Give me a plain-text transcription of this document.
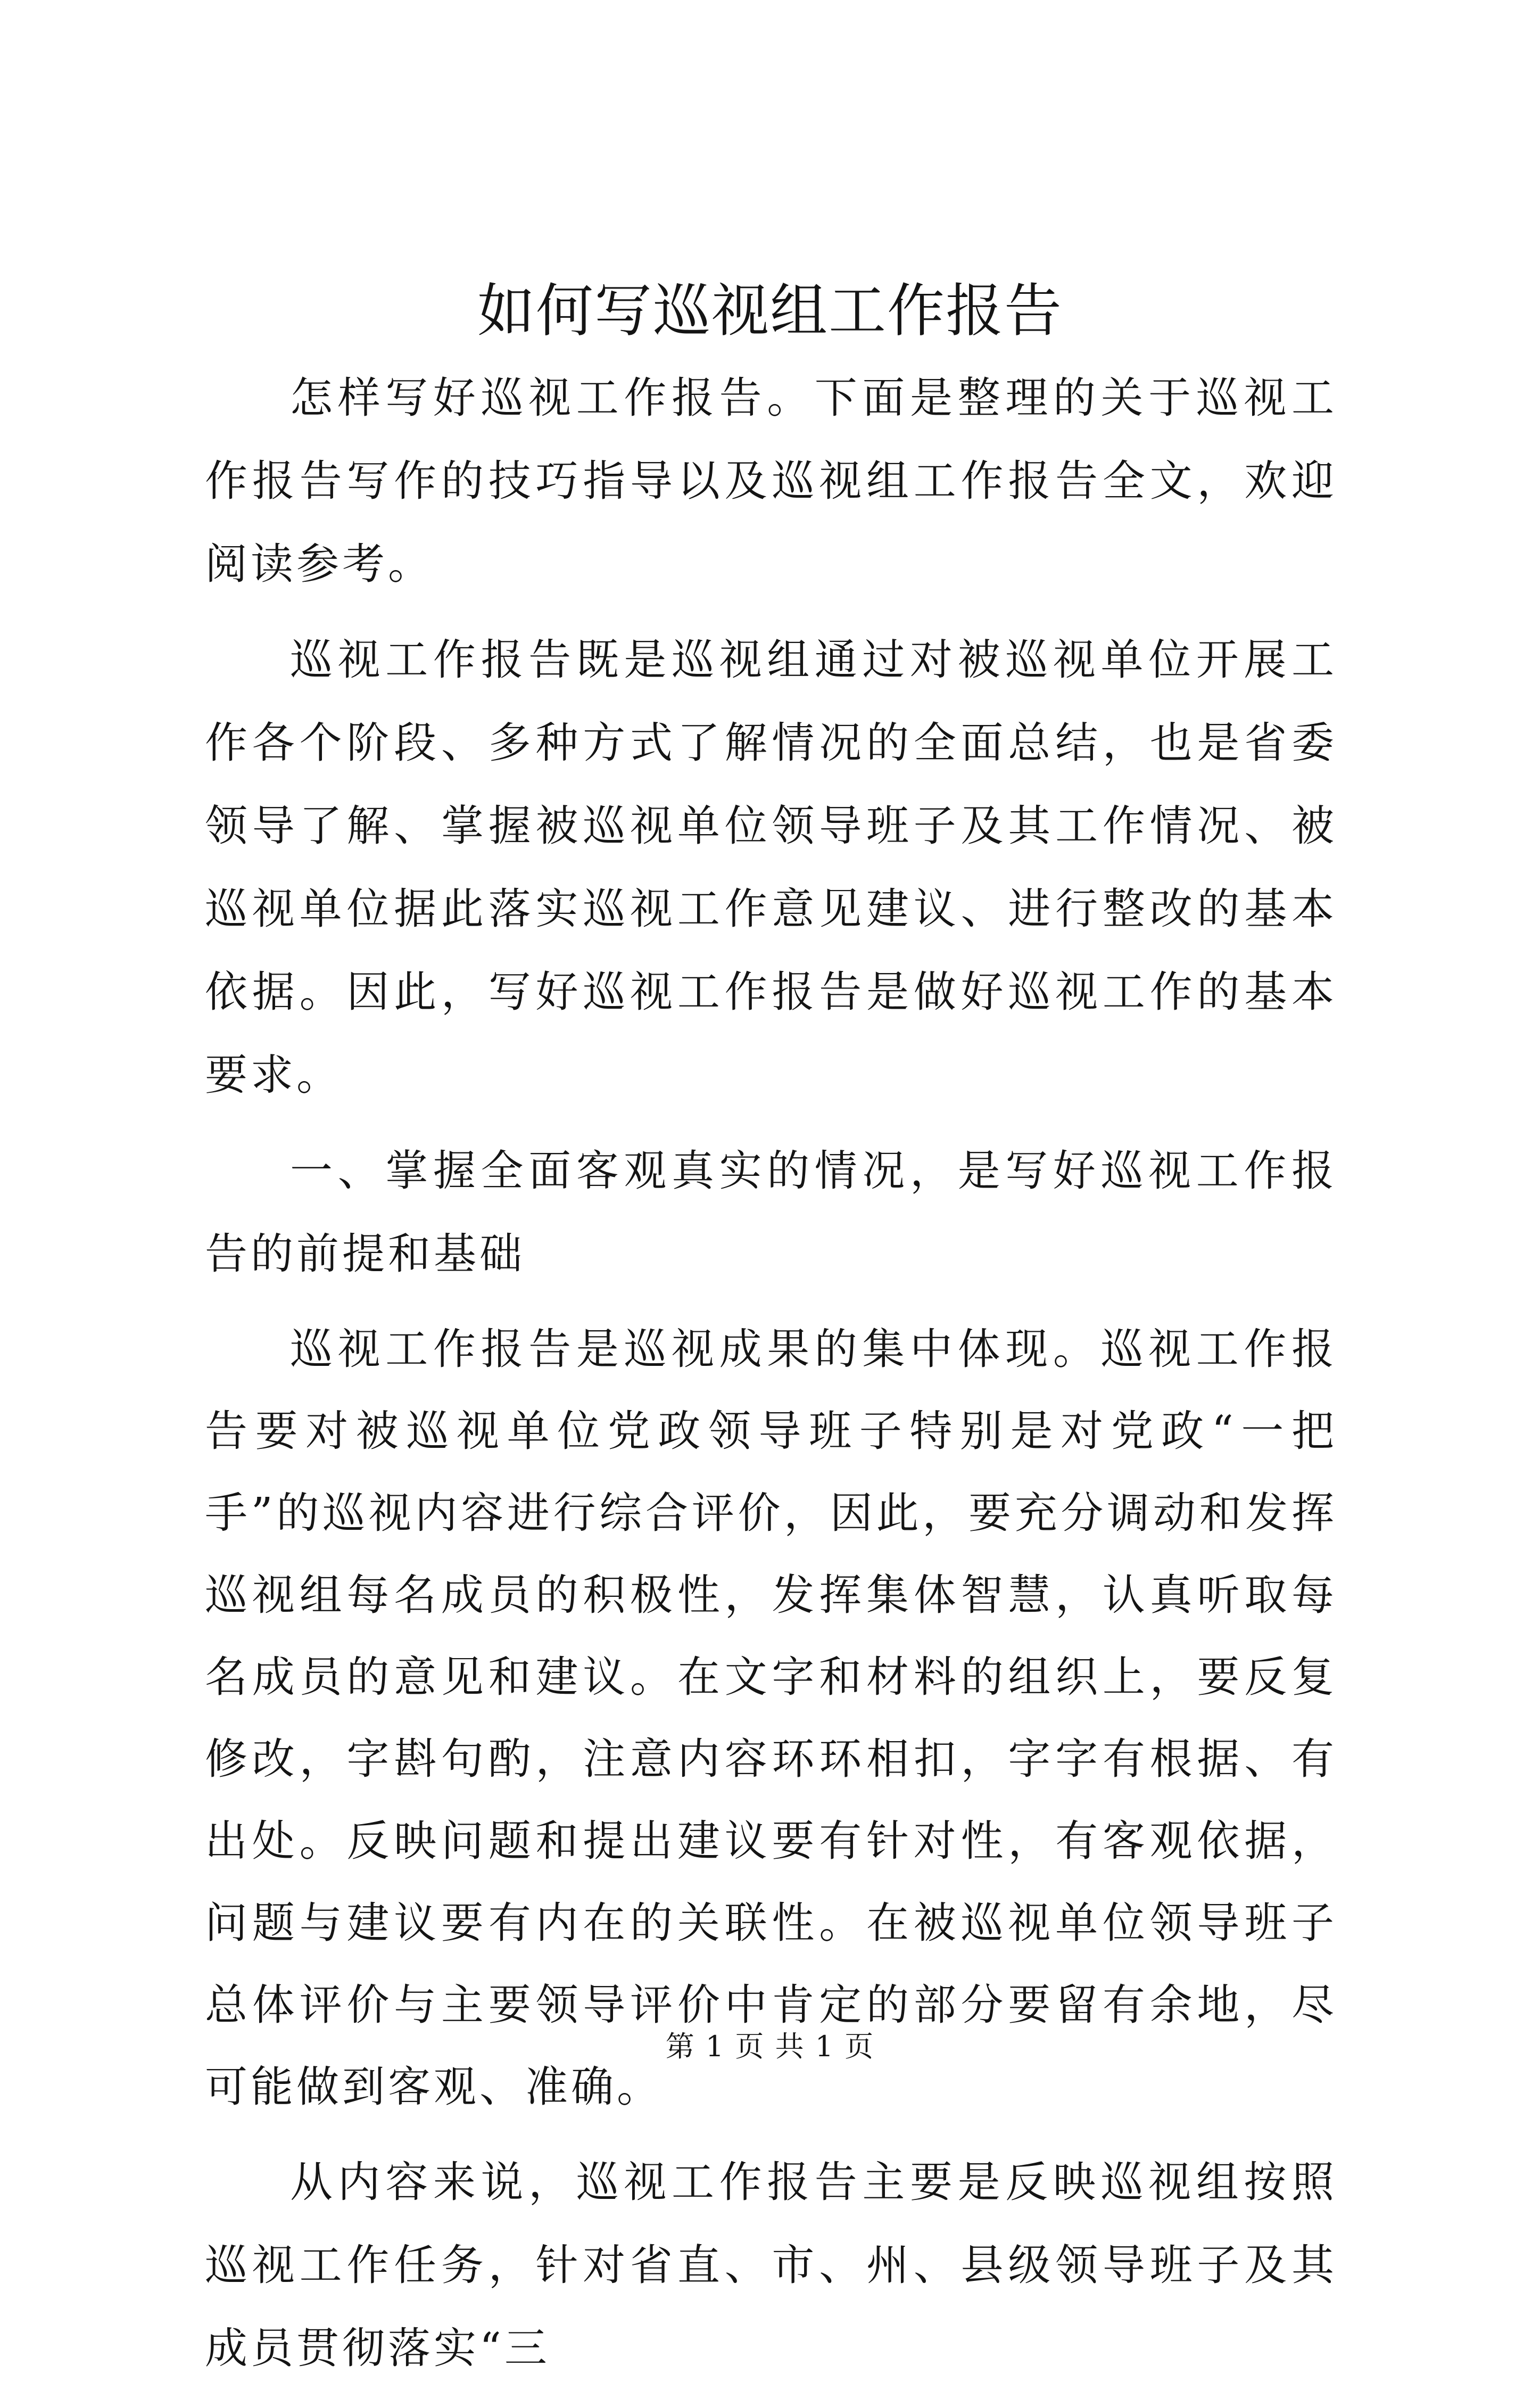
如何写巡视组工作报告

怎样写好巡视工作报告。下面是整理的关于巡视工作报告写作的技巧指导以及巡视组工作报告全文，欢迎阅读参考。

巡视工作报告既是巡视组通过对被巡视单位开展工作各个阶段、多种方式了解情况的全面总结，也是省委领导了解、掌握被巡视单位领导班子及其工作情况、被巡视单位据此落实巡视工作意见建议、进行整改的基本依据。因此，写好巡视工作报告是做好巡视工作的基本要求。

一、掌握全面客观真实的情况，是写好巡视工作报告的前提和基础

巡视工作报告是巡视成果的集中体现。巡视工作报告要对被巡视单位党政领导班子特别是对党政“一把手”的巡视内容进行综合评价，因此，要充分调动和发挥巡视组每名成员的积极性，发挥集体智慧，认真听取每名成员的意见和建议。在文字和材料的组织上，要反复修改，字斟句酌，注意内容环环相扣，字字有根据、有出处。反映问题和提出建议要有针对性，有客观依据，问题与建议要有内在的关联性。在被巡视单位领导班子总体评价与主要领导评价中肯定的部分要留有余地，尽可能做到客观、准确。

从内容来说，巡视工作报告主要是反映巡视组按照巡视工作任务，针对省直、市、州、县级领导班子及其成员贯彻落实“三

第 1 页 共 1 页
